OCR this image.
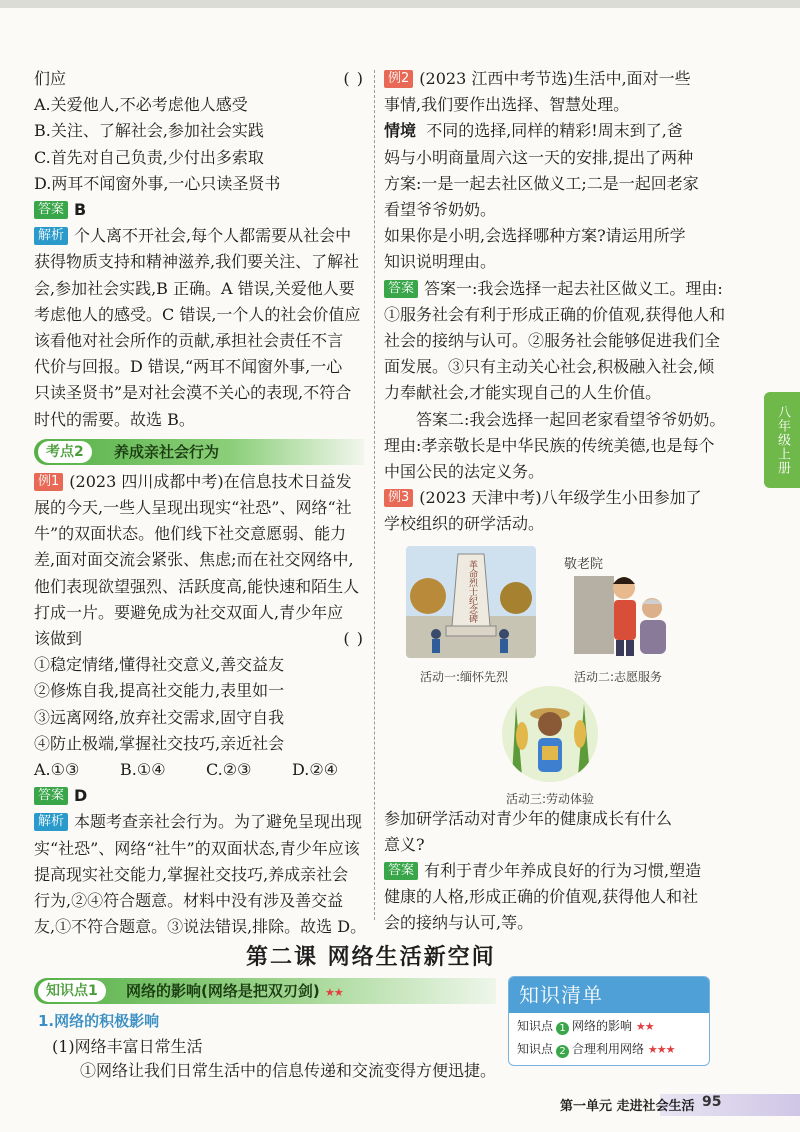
们应	( )
A.关爱他人,不必考虑他人感受
B.关注、了解社会,参加社会实践
C.首先对自己负责,少付出多索取
D.两耳不闻窗外事,一心只读圣贤书
答案 B
解析 个人离不开社会,每个人都需要从社会中
获得物质支持和精神滋养,我们要关注、了解社
会,参加社会实践,B 正确。A 错误,关爱他人要
考虑他人的感受。C 错误,一个人的社会价值应
该看他对社会所作的贡献,承担社会责任不言
代价与回报。D 错误,“两耳不闻窗外事,一心
只读圣贤书”是对社会漠不关心的表现,不符合
时代的需要。故选 B。
考点2	养成亲社会行为
例1 (2023 四川成都中考)在信息技术日益发
展的今天,一些人呈现出现实“社恐”、网络“社
牛”的双面状态。他们线下社交意愿弱、能力
差,面对面交流会紧张、焦虑;而在社交网络中,
他们表现欲望强烈、活跃度高,能快速和陌生人
打成一片。要避免成为社交双面人,青少年应
该做到	( )
①稳定情绪,懂得社交意义,善交益友
②修炼自我,提高社交能力,表里如一
③远离网络,放弃社交需求,固守自我
④防止极端,掌握社交技巧,亲近社会
A.①③	B.①④	C.②③	D.②④
答案 D
解析 本题考查亲社会行为。为了避免呈现出现
实“社恐”、网络“社牛”的双面状态,青少年应该
提高现实社交能力,掌握社交技巧,养成亲社会
行为,②④符合题意。材料中没有涉及善交益
友,①不符合题意。③说法错误,排除。故选 D。
例2 (2023 江西中考节选)生活中,面对一些
事情,我们要作出选择、智慧处理。
情境 不同的选择,同样的精彩!周末到了,爸
妈与小明商量周六这一天的安排,提出了两种
方案:一是一起去社区做义工;二是一起回老家
看望爷爷奶奶。
如果你是小明,会选择哪种方案?请运用所学
知识说明理由。
答案 答案一:我会选择一起去社区做义工。理由:
①服务社会有利于形成正确的价值观,获得他人和
社会的接纳与认可。②服务社会能够促进我们全
面发展。③只有主动关心社会,积极融入社会,倾
力奉献社会,才能实现自己的人生价值。
答案二:我会选择一起回老家看望爷爷奶奶。
理由:孝亲敬长是中华民族的传统美德,也是每个
中国公民的法定义务。
例3 (2023 天津中考)八年级学生小田参加了
学校组织的研学活动。
革命烈士纪念碑	敬老院
活动一:缅怀先烈	活动二:志愿服务
活动三:劳动体验
参加研学活动对青少年的健康成长有什么
意义?
答案 有利于青少年养成良好的行为习惯,塑造
健康的人格,形成正确的价值观,获得他人和社
会的接纳与认可,等。
八年级上册
第二课 网络生活新空间
知识点1	网络的影响(网络是把双刃剑) ★★
1.网络的积极影响
(1)网络丰富日常生活
①网络让我们日常生活中的信息传递和交流变得方便迅捷。
知识清单
知识点 1 网络的影响 ★★
知识点 2 合理利用网络 ★★★
第一单元 走进社会生活 95
